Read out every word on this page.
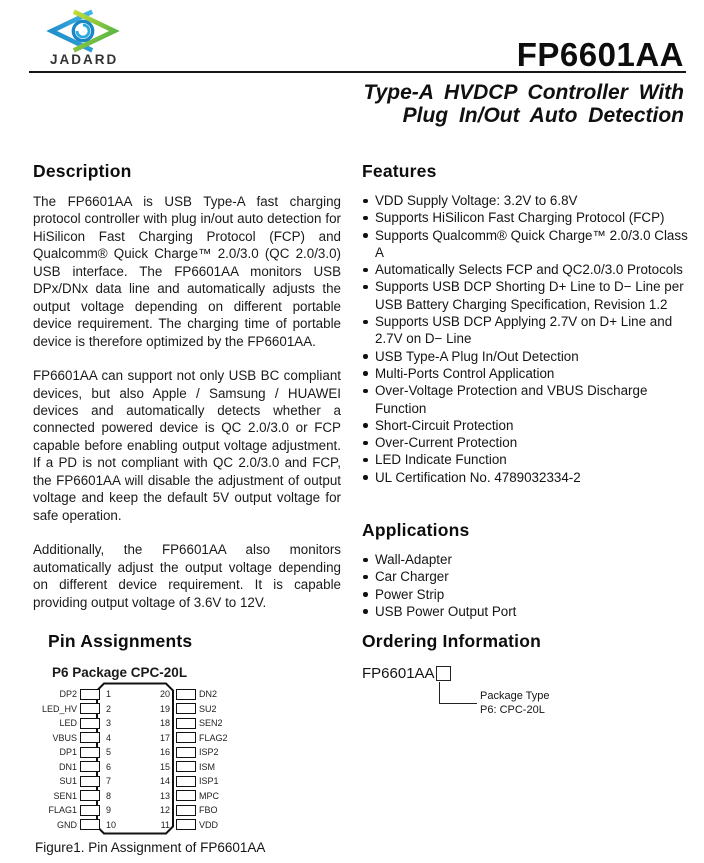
JADARD	FP6601AA
Type-A HVDCP Controller With
Plug In/Out Auto Detection
Description

The FP6601AA is USB Type-A fast charging protocol controller with plug in/out auto detection for HiSilicon Fast Charging Protocol (FCP) and Qualcomm® Quick Charge™ 2.0/3.0 (QC 2.0/3.0) USB interface. The FP6601AA monitors USB DPx/DNx data line and automatically adjusts the output voltage depending on different portable device requirement. The charging time of portable device is therefore optimized by the FP6601AA.

FP6601AA can support not only USB BC compliant devices, but also Apple / Samsung / HUAWEI devices and automatically detects whether a connected powered device is QC 2.0/3.0 or FCP capable before enabling output voltage adjustment. If a PD is not compliant with QC 2.0/3.0 and FCP, the FP6601AA will disable the adjustment of output voltage and keep the default 5V output voltage for safe operation.

Additionally, the FP6601AA also monitors automatically adjust the output voltage depending on different device requirement. It is capable providing output voltage of 3.6V to 12V.

Features
VDD Supply Voltage: 3.2V to 6.8V
Supports HiSilicon Fast Charging Protocol (FCP)
Supports Qualcomm® Quick Charge™ 2.0/3.0 Class A
Automatically Selects FCP and QC2.0/3.0 Protocols
Supports USB DCP Shorting D+ Line to D− Line per USB Battery Charging Specification, Revision 1.2
Supports USB DCP Applying 2.7V on D+ Line and 2.7V on D− Line
USB Type-A Plug In/Out Detection
Multi-Ports Control Application
Over-Voltage Protection and VBUS Discharge Function
Short-Circuit Protection
Over-Current Protection
LED Indicate Function
UL Certification No. 4789032334-2
Applications
Wall-Adapter
Car Charger
Power Strip
USB Power Output Port
Pin Assignments
P6 Package CPC-20L
DP2	1	20	DN2
LED_HV	2	19	SU2
LED	3	18	SEN2
VBUS	4	17	FLAG2
DP1	5	16	ISP2
DN1	6	15	ISM
SU1	7	14	ISP1
SEN1	8	13	MPC
FLAG1	9	12	FBO
GND	10	11	VDD
Figure1. Pin Assignment of FP6601AA
Ordering Information
FP6601AA
Package Type
P6: CPC-20L
